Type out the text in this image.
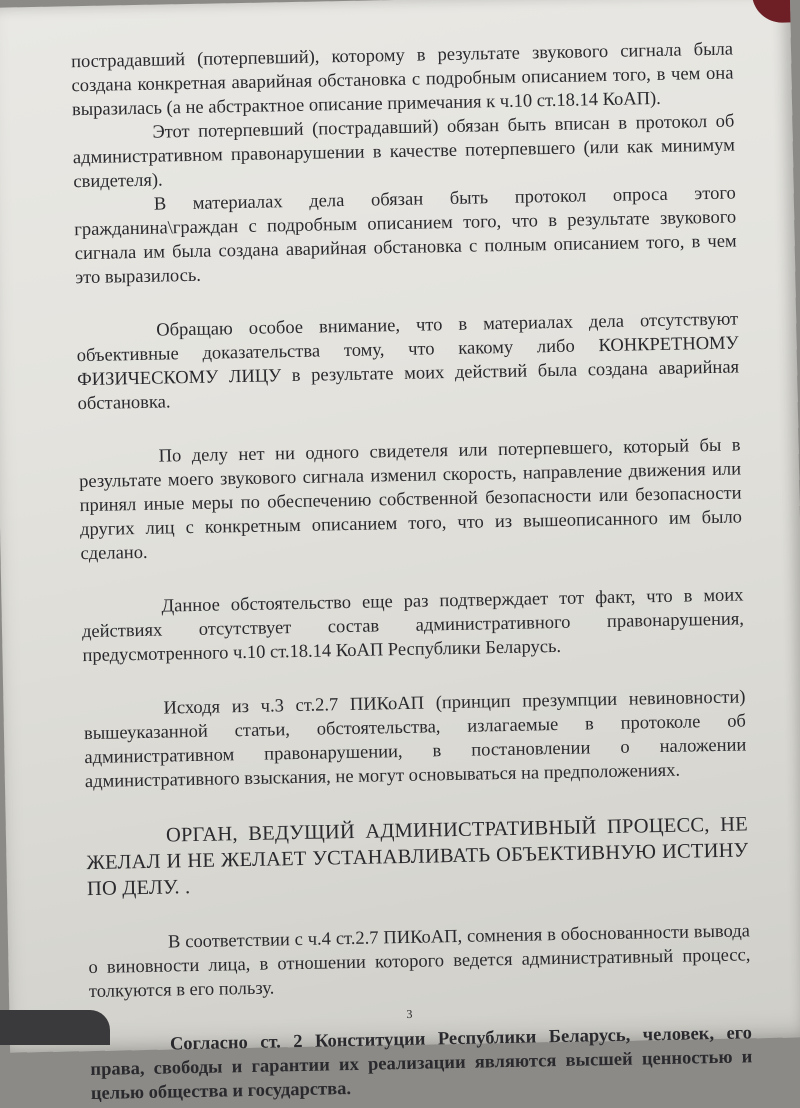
пострадавший (потерпевший), которому в результате звукового сигнала была создана конкретная аварийная обстановка с подробным описанием того, в чем она выразилась (а не абстрактное описание примечания к ч.10 ст.18.14 КоАП).

Этот потерпевший (пострадавший) обязан быть вписан в протокол об административном правонарушении в качестве потерпевшего (или как минимум свидетеля).

В материалах дела обязан быть протокол опроса этого гражданина\граждан с подробным описанием того, что в результате звукового сигнала им была создана аварийная обстановка с полным описанием того, в чем это выразилось.

Обращаю особое внимание, что в материалах дела отсутствуют объективные доказательства тому, что какому либо КОНКРЕТНОМУ ФИЗИЧЕСКОМУ ЛИЦУ в результате моих действий была создана аварийная обстановка.

По делу нет ни одного свидетеля или потерпевшего, который бы в результате моего звукового сигнала изменил скорость, направление движения или принял иные меры по обеспечению собственной безопасности или безопасности других лиц с конкретным описанием того, что из вышеописанного им было сделано.

Данное обстоятельство еще раз подтверждает тот факт, что в моих действиях отсутствует состав административного правонарушения, предусмотренного ч.10 ст.18.14 КоАП Республики Беларусь.

Исходя из ч.3 ст.2.7 ПИКоАП (принцип презумпции невиновности) вышеуказанной статьи, обстоятельства, излагаемые в протоколе об административном правонарушении, в постановлении о наложении административного взыскания, не могут основываться на предположениях.

ОРГАН, ВЕДУЩИЙ АДМИНИСТРАТИВНЫЙ ПРОЦЕСС, НЕ ЖЕЛАЛ И НЕ ЖЕЛАЕТ УСТАНАВЛИВАТЬ ОБЪЕКТИВНУЮ ИСТИНУ ПО ДЕЛУ. .

В соответствии с ч.4 ст.2.7 ПИКоАП, сомнения в обоснованности вывода о виновности лица, в отношении которого ведется административный процесс, толкуются в его пользу.

Согласно ст. 2 Конституции Республики Беларусь, человек, его права, свободы и гарантии их реализации являются высшей ценностью и целью общества и государства.

3
